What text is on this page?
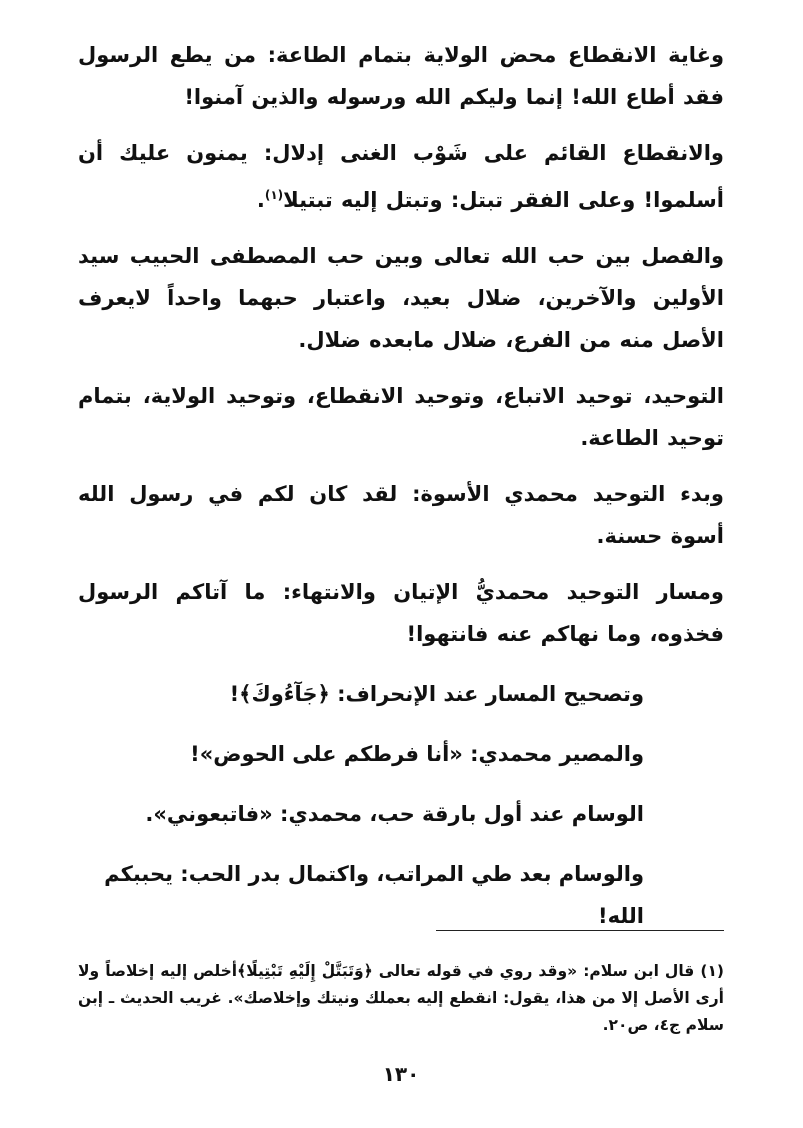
وغاية الانقطاع محض الولاية بتمام الطاعة: من يطع الرسول فقد أطاع الله! إنما وليكم الله ورسوله والذين آمنوا!

والانقطاع القائم على شَوْب الغنى إدلال: يمنون عليك أن أسلموا! وعلى الفقر تبتل: وتبتل إليه تبتيلا$^{(١)}$.

والفصل بين حب الله تعالى وبين حب المصطفى الحبيب سيد الأولين والآخرين، ضلال بعيد، واعتبار حبهما واحداً لايعرف الأصل منه من الفرع، ضلال مابعده ضلال.

التوحيد، توحيد الاتباع، وتوحيد الانقطاع، وتوحيد الولاية، بتمام توحيد الطاعة.

وبدء التوحيد محمدي الأسوة: لقد كان لكم في رسول الله أسوة حسنة.

ومسار التوحيد محمديُّ الإتيان والانتهاء: ما آتاكم الرسول فخذوه، وما نهاكم عنه فانتهوا!

وتصحيح المسار عند الإنحراف: ﴿جَآءُوكَ﴾!

والمصير محمدي: «أنا فرطكم على الحوض»!

الوسام عند أول بارقة حب، محمدي: «فاتبعوني».

والوسام بعد طي المراتب، واكتمال بدر الحب: يحببكم الله!

(١) قال ابن سلام: «وقد روي في قوله تعالى ﴿وَتَبَتَّلْ إِلَيْهِ تَبْتِيلًا﴾أخلص إليه إخلاصاً ولا أرى الأصل إلا من هذا، يقول: انقطع إليه بعملك ونيتك وإخلاصك». غريب الحديث ـ إبن سلام ج٤، ص٢٠.

١٣٠
